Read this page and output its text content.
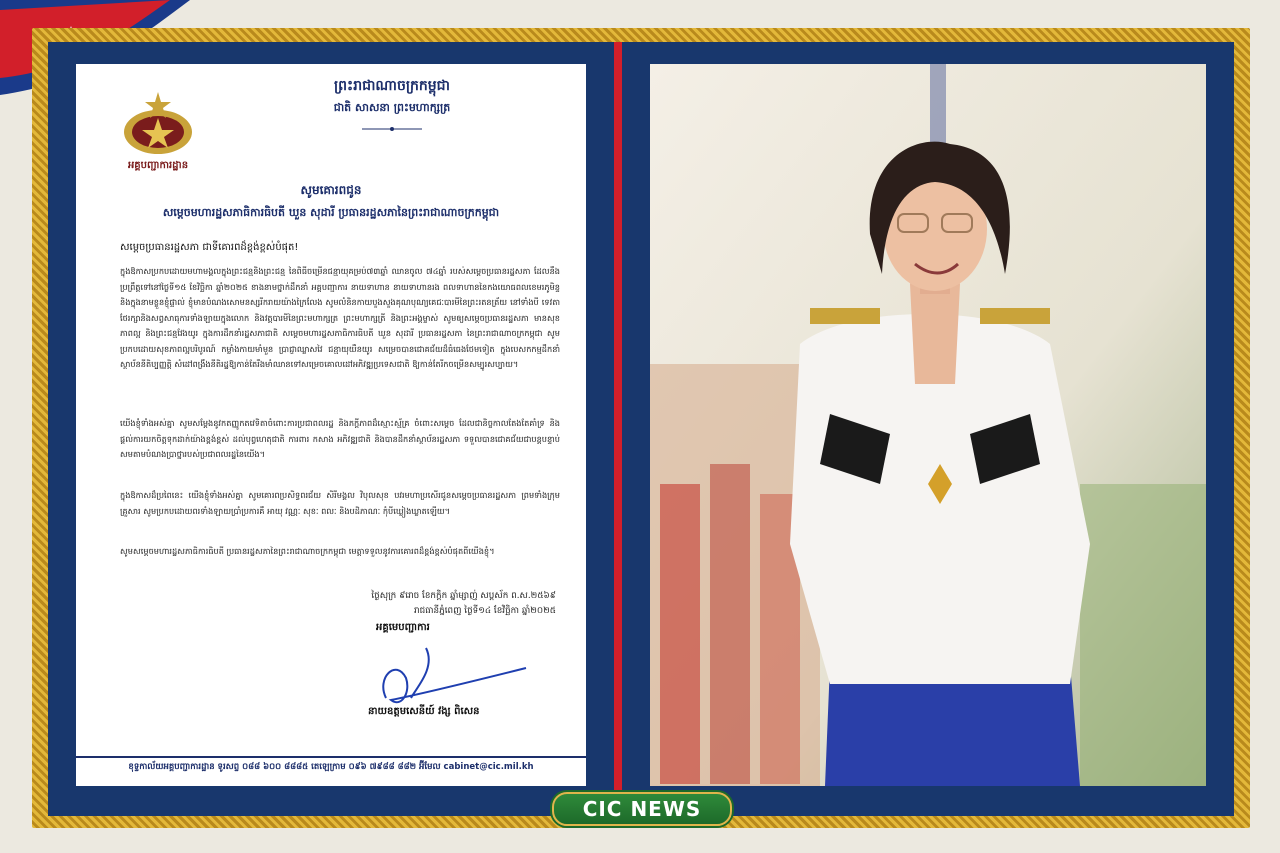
អគ្គបញ្ជាការដ្ឋាន
ព្រះរាជាណាចក្រកម្ពុជា
ជាតិ សាសនា ព្រះមហាក្សត្រ
សូមគោរពជូន
សម្តេចមហារដ្ឋសភាធិការធិបតី ឃួន សុដារី ប្រធានរដ្ឋសភានៃព្រះរាជាណាចក្រកម្ពុជា
សម្តេចប្រធានរដ្ឋសភា ជាទីគោរពដ៏ខ្ពង់ខ្ពស់បំផុត!
ក្នុងឱកាសប្រកបដោយមហាមង្គលក្នុងព្រះជន្មនិងព្រះជន្ម នៃពិធីចម្រើនជន្មាយុគម្រប់៧៣ឆ្នាំ ឈានចូល ៧៤ឆ្នាំ របស់សម្តេចប្រធានរដ្ឋសភា ដែលនឹងប្រព្រឹត្តទៅនៅថ្ងៃទី១៥ ខែវិច្ឆិកា ឆ្នាំ២០២៥ ខាងនាមថ្នាក់ដឹកនាំ អគ្គបញ្ជាការ នាយទាហាន នាយទាហានរង ពលទាហាននៃកងយោធពលខេមរភូមិន្ទ និងក្នុងនាមខ្លួនខ្ញុំផ្ទាល់ ខ្ញុំមានបំណងសោមនស្សរីករាយយ៉ាងក្រៃលែង សូមលំនិនកាយបួងសួងគុណបុណ្យគេជៈបារមីនៃព្រះរតនត្រ័យ នៅទាំងបី ទេវតាថែរក្សានិងសព្វសាធុការទាំងឡាយក្នុងលោក និងវត្តបារមីនៃព្រះមហាក្សត្រ ព្រះមហាក្សត្រី និងព្រះអង្គម្ចាស់ សូមឲ្យសម្តេចប្រធានរដ្ឋសភា មានសុខភាពល្អ និងព្រះជន្មវែងយូរ ក្នុងការដឹកនាំរដ្ឋសភាជាតិ សម្តេចមហារដ្ឋសភាធិការធិបតី ឃួន សុដារី ប្រធានរដ្ឋសភា នៃព្រះរាជាណាចក្រកម្ពុជា សូមប្រកបដោយសុខភាពល្អបរិបូរណ៍ កម្លាំងកាយមាំមួន ប្រាជ្ញាឈ្លាសវៃ ជន្មាយុយឺនយូរ សម្រេចបានជោគជ័យដ៏ធំធេងថែមទៀត ក្នុងបេសកកម្មដឹកនាំស្ថាប័ននីតិប្បញ្ញត្តិ សំដៅពង្រឹងនីតិរដ្ឋឱ្យកាន់តែរឹងមាំឈានទៅសម្រេចគោលដៅអភិវឌ្ឍប្រទេសជាតិ ឱ្យកាន់តែរីកចម្រើនសម្បូរសប្បាយ។
យើងខ្ញុំទាំងអស់គ្នា សូមសម្តែងនូវកតញ្ញូកតវេទិតាចំពោះការប្រជាពលរដ្ឋ និងភក្តីភាពដ៏ស្មោះស្ម័គ្រ ចំពោះសម្តេច ដែលជានិច្ចកាលតែងតែគាំទ្រ និងផ្តល់ការយកចិត្តទុកដាក់យ៉ាងខ្ពង់ខ្ពស់ ដល់បុព្វហេតុជាតិ ការពារ កសាង អភិវឌ្ឍជាតិ និងបានដឹកនាំស្ថាប័នរដ្ឋសភា ទទួលបានជោគជ័យជាបន្តបន្ទាប់ សមតាមបំណងប្រាថ្នារបស់ប្រជាពលរដ្ឋនៃយើង។
ក្នុងឱកាសដ៏ប្រពៃនេះ យើងខ្ញុំទាំងអស់គ្នា សូមគោរពប្រសិទ្ធពរជ័យ សិរីមង្គល វិបុលសុខ បវរមហាប្រសើរជូនសម្តេចប្រធានរដ្ឋសភា ព្រមទាំងក្រុមគ្រួសារ សូមប្រកបដោយពរទាំងឡាយប្រាំប្រការគឺ អាយុ វណ្ណៈ សុខៈ ពលៈ និងបដិភាណៈ កុំបីឃ្លៀងឃ្លាតឡើយ។
សូមសម្តេចមហារដ្ឋសភាធិការធិបតី ប្រធានរដ្ឋសភានៃព្រះរាជាណាចក្រកម្ពុជា មេត្តាទទួលនូវការគោរពដ៏ខ្ពង់ខ្ពស់បំផុតពីយើងខ្ញុំ។
ថ្ងៃសុក្រ ៩រោច ខែកក្តិក ឆ្នាំម្សាញ់ សប្តស័ក ព.ស.២៥៦៩
រាជធានីភ្នំពេញ ថ្ងៃទី១៤ ខែវិច្ឆិកា ឆ្នាំ២០២៥
អគ្គមេបញ្ជាការ
នាយឧត្តមសេនីយ៍ វង្ស ពិសេន
ខុទ្ទកាល័យអគ្គបញ្ជាការដ្ឋាន ទូរសព្ទ ០៨៨ ៦០០ ៨៨៨៥ តេឡេក្រាម ០៩៦ ៧៩៨៨ ៨៨២ អ៊ីមែល cabinet@cic.mil.kh
CIC NEWS
